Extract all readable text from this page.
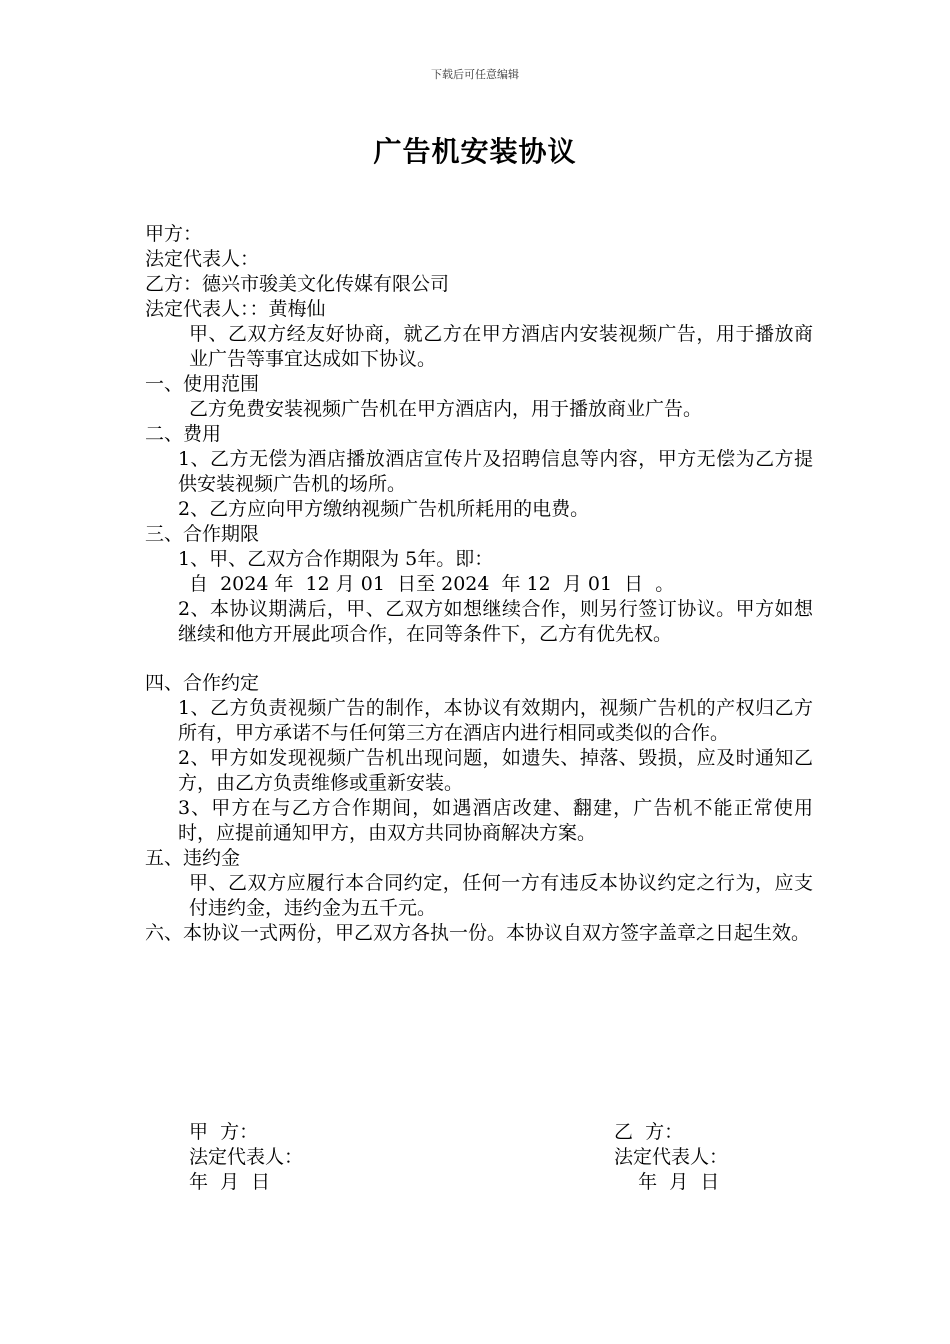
下载后可任意编辑
广告机安装协议
甲方：
法定代表人：
乙方：德兴市骏美文化传媒有限公司
法定代表人：：黄梅仙
甲、乙双方经友好协商，就乙方在甲方酒店内安装视频广告，用于播放商业广告等事宜达成如下协议。
一、使用范围
乙方免费安装视频广告机在甲方酒店内，用于播放商业广告。
二、费用
1、乙方无偿为酒店播放酒店宣传片及招聘信息等内容，甲方无偿为乙方提供安装视频广告机的场所。
2、乙方应向甲方缴纳视频广告机所耗用的电费。
三、合作期限
1、甲、乙双方合作期限为 5年。即：
自  2024 年  12 月 01  日至 2024  年 12  月 01  日  。
2、本协议期满后，甲、乙双方如想继续合作，则另行签订协议。甲方如想继续和他方开展此项合作，在同等条件下，乙方有优先权。
四、合作约定
1、乙方负责视频广告的制作，本协议有效期内，视频广告机的产权归乙方所有，甲方承诺不与任何第三方在酒店内进行相同或类似的合作。
2、甲方如发现视频广告机出现问题，如遗失、掉落、毁损，应及时通知乙方，由乙方负责维修或重新安装。
3、甲方在与乙方合作期间，如遇酒店改建、翻建，广告机不能正常使用时，应提前通知甲方，由双方共同协商解决方案。
五、违约金
甲、乙双方应履行本合同约定，任何一方有违反本协议约定之行为，应支付违约金，违约金为五千元。
六、本协议一式两份，甲乙双方各执一份。本协议自双方签字盖章之日起生效。
甲  方：
法定代表人：
年  月  日
乙  方：
法定代表人：
年  月  日
